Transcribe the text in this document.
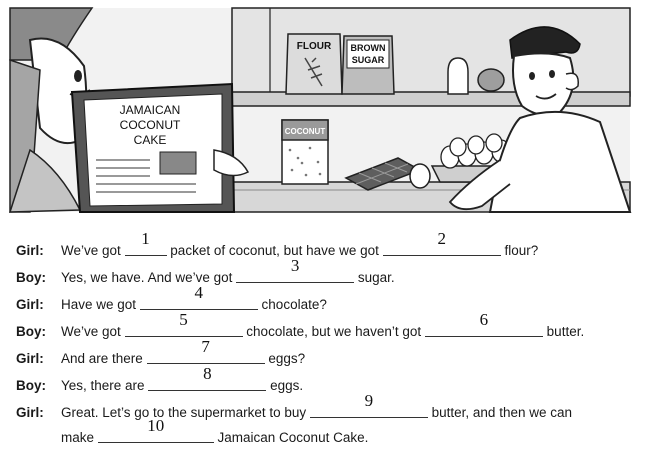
FLOUR BROWN
SUGAR
COCONUT
JAMAICAN
COCONUT
CAKE
Girl: We’ve got
1
packet of coconut, but have we got
2
flour?
Boy: Yes, we have. And we’ve got
3
sugar.
Girl: Have we got
4
chocolate?
Boy: We’ve got
5
chocolate, but we haven’t got
6
butter.
Girl: And are there
7
eggs?
Boy: Yes, there are
8
eggs.
Girl: Great. Let’s go to the supermarket to buy
9
butter, and then we can
make
10
Jamaican Coconut Cake.
